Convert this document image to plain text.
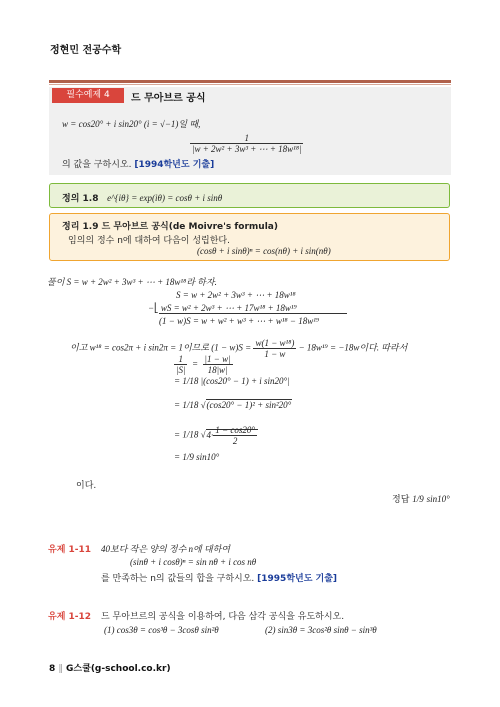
정현민 전공수학
필수예제 4	드 무아브르 공식
w = cos20° + i sin20° (i = √−1)일 때,
$\frac{1}{\text{|w + 2w² + 3w³ + ⋯ + 18w¹⁸|}}$
의 값을 구하시오. [1994학년도 기출]
정의 1.8 e^{iθ} = exp(iθ) = cosθ + i sinθ
정리 1.9 드 무아브르 공식(de Moivre's formula)
임의의 정수 n에 대하여 다음이 성립한다.
(cosθ + i sinθ)ⁿ = cos(nθ) + i sin(nθ)
풀이 S = w + 2w² + 3w³ + ⋯ + 18w¹⁸라 하자.
S = w + 2w² + 3w³ + ⋯ + 18w¹⁸
−⎣ wS = w² + 2w³ + ⋯ + 17w¹⁸ + 18w¹⁹
(1 − w)S = w + w² + w³ + ⋯ + w¹⁸ − 18w¹⁹
이고 w¹⁸ = cos2π + i sin2π = 1이므로 $(1 - w)S = \frac{\text{w(1 − w¹⁸)}}{1 - w} - 18w^{19} = -18w$이다. 따라서
$\frac{1}{|S|} = \frac{|1 - w|}{18|w|}$
= 1/18 |(cos20° − 1) + i sin20°|
= 1/18 √(cos20° − 1)² + sin²20°
= 1/18 $√4\cdot \frac{1 - \cos 20^\circ}{2}$
= 1/9 sin10°
이다.
정답 1/9 sin10°
유제 1-11 40보다 작은 양의 정수 n에 대하여
(sinθ + i cosθ)ⁿ = sin nθ + i cos nθ
를 만족하는 n의 값들의 합을 구하시오. [1995학년도 기출]
유제 1-12 드 무아브르의 공식을 이용하여, 다음 삼각 공식을 유도하시오.
(1) cos3θ = cos³θ − 3cosθ sin²θ	(2) sin3θ = 3cos²θ sinθ − sin³θ
8 ‖ G스쿨(g-school.co.kr)
